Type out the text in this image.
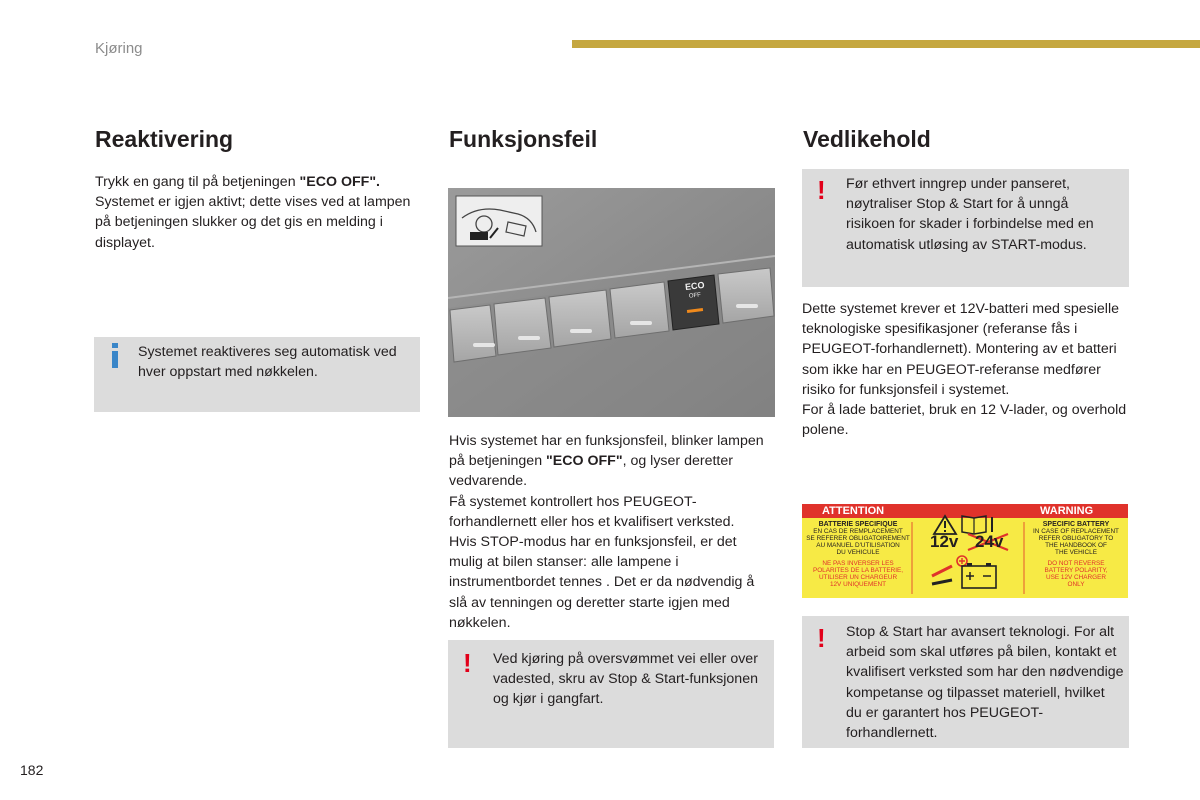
Kjøring
Reaktivering
Trykk en gang til på betjeningen "ECO OFF". Systemet er igjen aktivt; dette vises ved at lampen på betjeningen slukker og det gis en melding i displayet.
Systemet reaktiveres seg automatisk ved hver oppstart med nøkkelen.
Funksjonsfeil
ECO
OFF
Hvis systemet har en funksjonsfeil, blinker lampen på betjeningen "ECO OFF", og lyser deretter vedvarende.
Få systemet kontrollert hos PEUGEOT-forhandlernett eller hos et kvalifisert verksted.
Hvis STOP-modus har en funksjonsfeil, er det mulig at bilen stanser: alle lampene i instrumentbordet tennes . Det er da nødvendig å slå av tenningen og deretter starte igjen med nøkkelen.
! Ved kjøring på oversvømmet vei eller over vadested, skru av Stop & Start-funksjonen og kjør i gangfart.
Vedlikehold
! Før ethvert inngrep under panseret, nøytraliser Stop & Start for å unngå risikoen for skader i forbindelse med en automatisk utløsing av START-modus.
Dette systemet krever et 12V-batteri med spesielle teknologiske spesifikasjoner (referanse fås i PEUGEOT-forhandlernett). Montering av et batteri som ikke har en PEUGEOT-referanse medfører risiko for funksjonsfeil i systemet.
For å lade batteriet, bruk en 12 V-lader, og overhold polene.
ATTENTION	WARNING
BATTERIE SPECIFIQUE
EN CAS DE REMPLACEMENT
SE REFERER OBLIGATOIREMENT
AU MANUEL D'UTILISATION
DU VEHICULE
NE PAS INVERSER LES
POLARITES DE LA BATTERIE,
UTILISER UN CHARGEUR
12V UNIQUEMENT
SPECIFIC BATTERY
IN CASE OF REPLACEMENT
REFER OBLIGATORY TO
THE HANDBOOK OF
THE VEHICLE
DO NOT REVERSE
BATTERY POLARITY,
USE 12V CHARGER
ONLY
12v 24v
! Stop & Start har avansert teknologi. For alt arbeid som skal utføres på bilen, kontakt et kvalifisert verksted som har den nødvendige kompetanse og tilpasset materiell, hvilket du er garantert hos PEUGEOT-forhandlernett.
182
